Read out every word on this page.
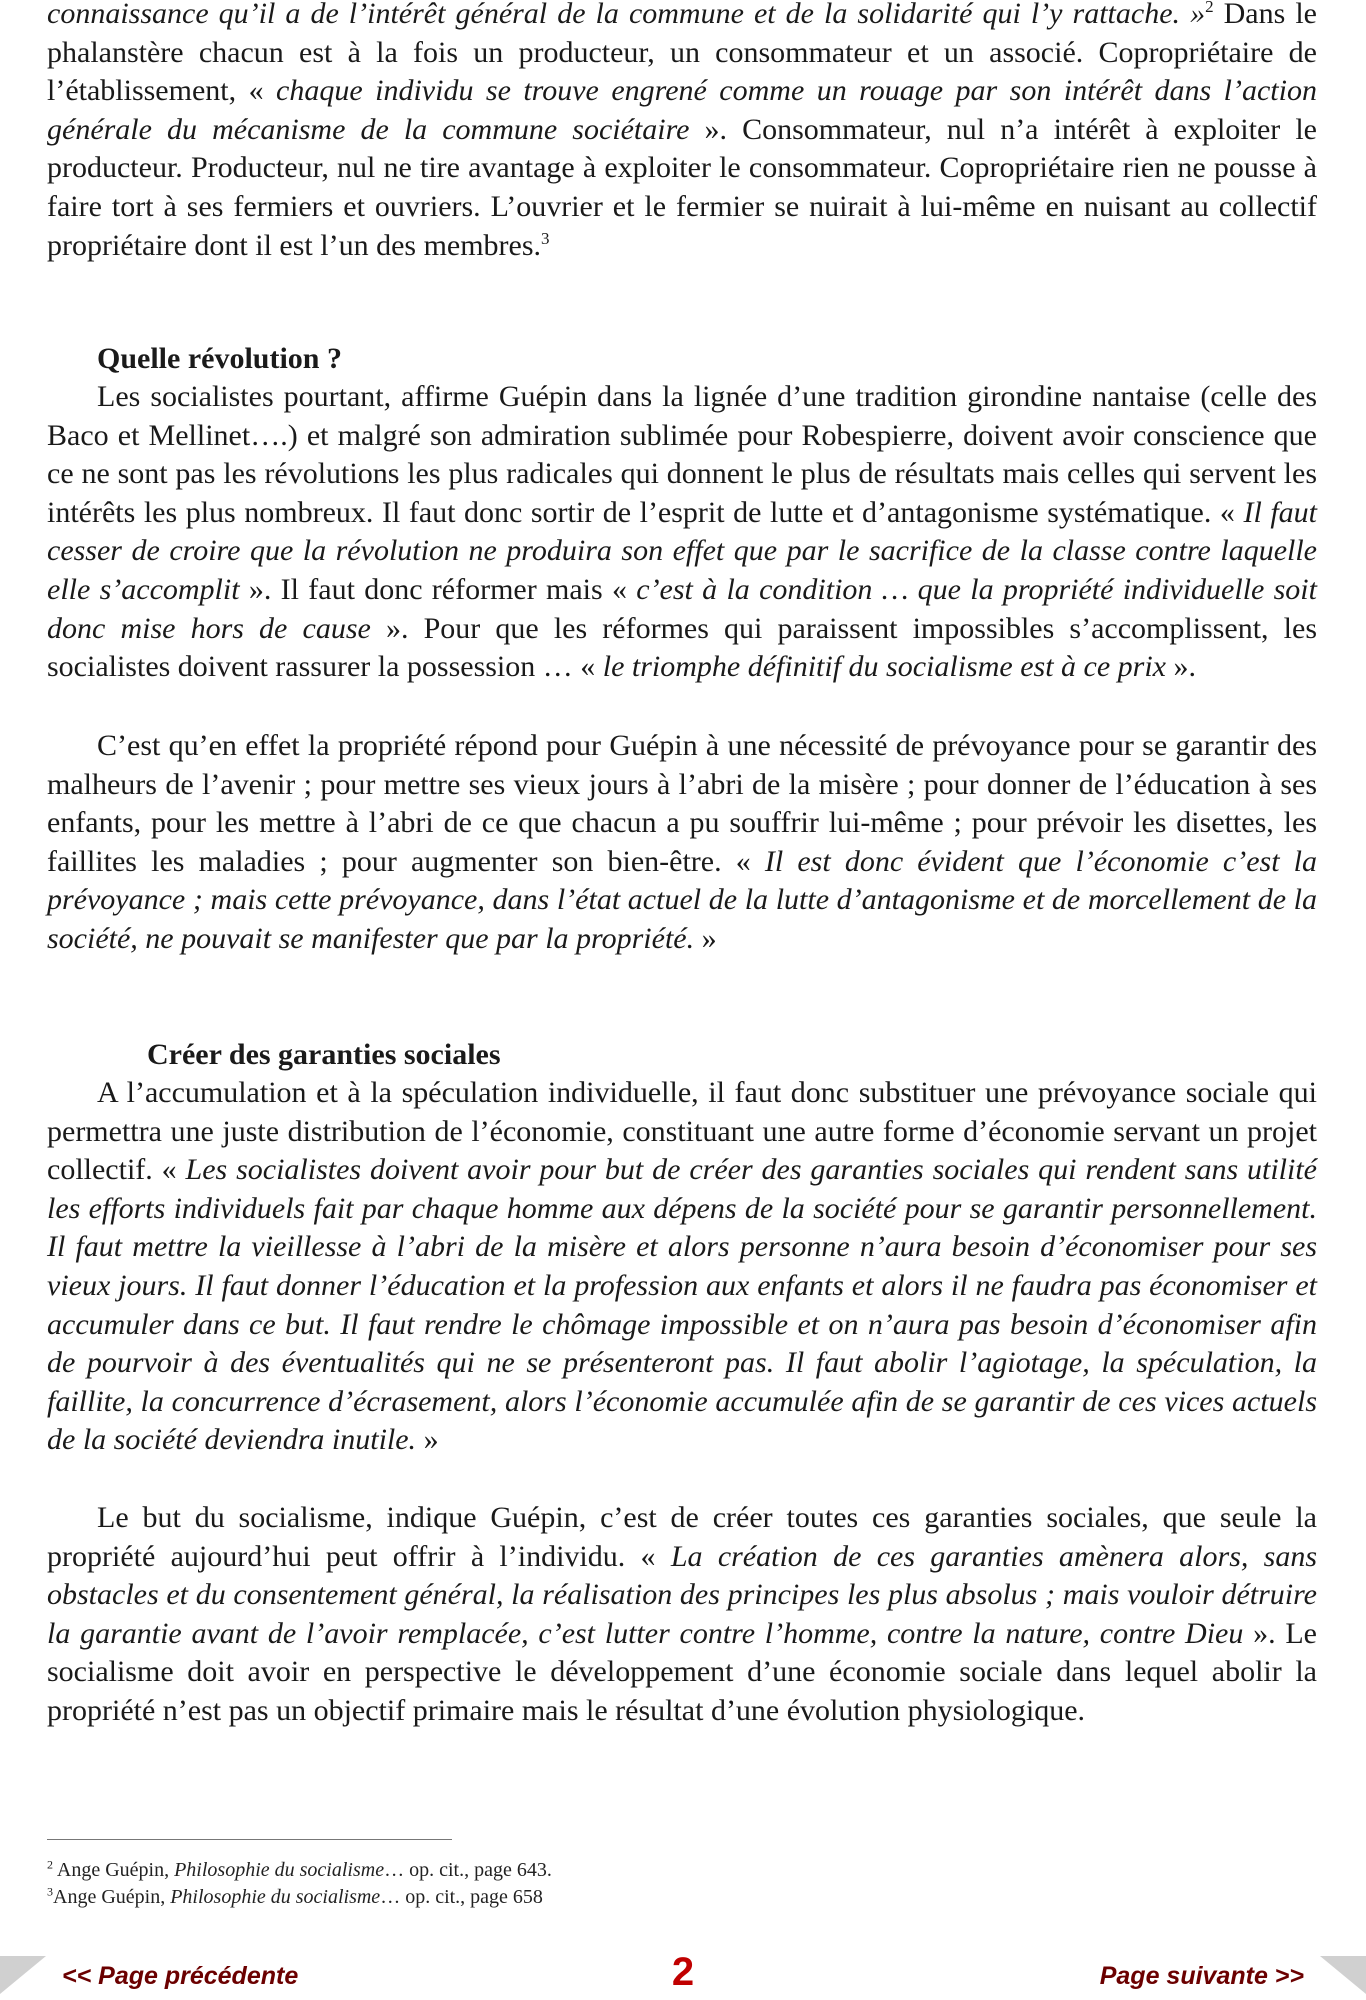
connaissance qu’il a de l’intérêt général de la commune et de la solidarité qui l’y rattache. »$^2$ Dans le phalanstère chacun est à la fois un producteur, un consommateur et un associé. Copropriétaire de l’établissement, « chaque individu se trouve engrené comme un rouage par son intérêt dans l’action générale du mécanisme de la commune sociétaire ». Consommateur, nul n’a intérêt à exploiter le producteur. Producteur, nul ne tire avantage à exploiter le consommateur. Copropriétaire rien ne pousse à faire tort à ses fermiers et ouvriers. L’ouvrier et le fermier se nuirait à lui-même en nuisant au collectif propriétaire dont il est l’un des membres.$^3$

Quelle révolution ?

Les socialistes pourtant, affirme Guépin dans la lignée d’une tradition girondine nantaise (celle des Baco et Mellinet….) et malgré son admiration sublimée pour Robespierre, doivent avoir conscience que ce ne sont pas les révolutions les plus radicales qui donnent le plus de résultats mais celles qui servent les intérêts les plus nombreux. Il faut donc sortir de l’esprit de lutte et d’antagonisme systématique. « Il faut cesser de croire que la révolution ne produira son effet que par le sacrifice de la classe contre laquelle elle s’accomplit ». Il faut donc réformer mais « c’est à la condition … que la propriété individuelle soit donc mise hors de cause ». Pour que les réformes qui paraissent impossibles s’accomplissent, les socialistes doivent rassurer la possession … « le triomphe définitif du socialisme est à ce prix ».

C’est qu’en effet la propriété répond pour Guépin à une nécessité de prévoyance pour se garantir des malheurs de l’avenir ; pour mettre ses vieux jours à l’abri de la misère ; pour donner de l’éducation à ses enfants, pour les mettre à l’abri de ce que chacun a pu souffrir lui-même ; pour prévoir les disettes, les faillites les maladies ; pour augmenter son bien-être. « Il est donc évident que l’économie c’est la prévoyance ; mais cette prévoyance, dans l’état actuel de la lutte d’antagonisme et de morcellement de la société, ne pouvait se manifester que par la propriété. »

Créer des garanties sociales

A l’accumulation et à la spéculation individuelle, il faut donc substituer une prévoyance sociale qui permettra une juste distribution de l’économie, constituant une autre forme d’économie servant un projet collectif. « Les socialistes doivent avoir pour but de créer des garanties sociales qui rendent sans utilité les efforts individuels fait par chaque homme aux dépens de la société pour se garantir personnellement. Il faut mettre la vieillesse à l’abri de la misère et alors personne n’aura besoin d’économiser pour ses vieux jours. Il faut donner l’éducation et la profession aux enfants et alors il ne faudra pas économiser et accumuler dans ce but. Il faut rendre le chômage impossible et on n’aura pas besoin d’économiser afin de pourvoir à des éventualités qui ne se présenteront pas. Il faut abolir l’agiotage, la spéculation, la faillite, la concurrence d’écrasement, alors l’économie accumulée afin de se garantir de ces vices actuels de la société deviendra inutile. »

Le but du socialisme, indique Guépin, c’est de créer toutes ces garanties sociales, que seule la propriété aujourd’hui peut offrir à l’individu. « La création de ces garanties amènera alors, sans obstacles et du consentement général, la réalisation des principes les plus absolus ; mais vouloir détruire la garantie avant de l’avoir remplacée, c’est lutter contre l’homme, contre la nature, contre Dieu ». Le socialisme doit avoir en perspective le développement d’une économie sociale dans lequel abolir la propriété n’est pas un objectif primaire mais le résultat d’une évolution physiologique.

$^2$ Ange Guépin, Philosophie du socialisme… op. cit., page 643.
$^3$Ange Guépin, Philosophie du socialisme… op. cit., page 658
<< Page précédente	2	Page suivante >>
